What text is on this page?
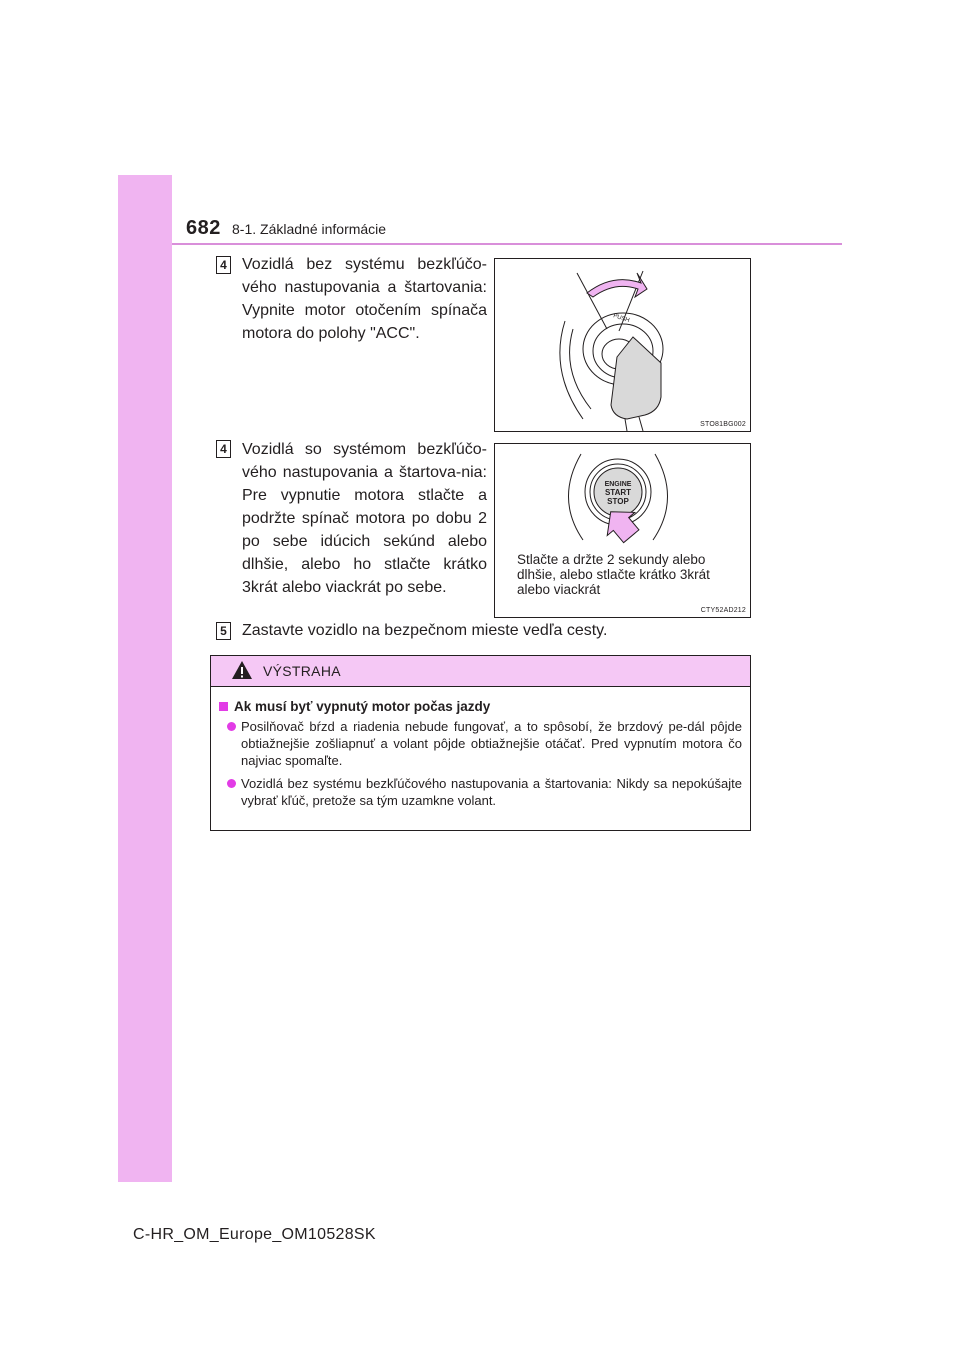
682 8-1. Základné informácie
4 Vozidlá bez systému bezkľúčo-vého nastupovania a štartovania: Vypnite motor otočením spínača motora do polohy "ACC".
PUSH
STO81BG002
4 Vozidlá so systémom bezkľúčo-vého nastupovania a štartova-nia: Pre vypnutie motora stlačte a podržte spínač motora po dobu 2 po sebe idúcich sekúnd alebo dlhšie, alebo ho stlačte krátko 3krát alebo viackrát po sebe.
ENGINE
START
STOP
Stlačte a držte 2 sekundy alebo dlhšie, alebo stlačte krátko 3krát alebo viackrát
CTY52AD212
5 Zastavte vozidlo na bezpečnom mieste vedľa cesty.
VÝSTRAHA
Ak musí byť vypnutý motor počas jazdy
Posilňovač bŕzd a riadenia nebude fungovať, a to spôsobí, že brzdový pe-dál pôjde obtiažnejšie zošliapnuť a volant pôjde obtiažnejšie otáčať. Pred vypnutím motora čo najviac spomaľte.
Vozidlá bez systému bezkľúčového nastupovania a štartovania: Nikdy sa nepokúšajte vybrať kľúč, pretože sa tým uzamkne volant.
C-HR_OM_Europe_OM10528SK
